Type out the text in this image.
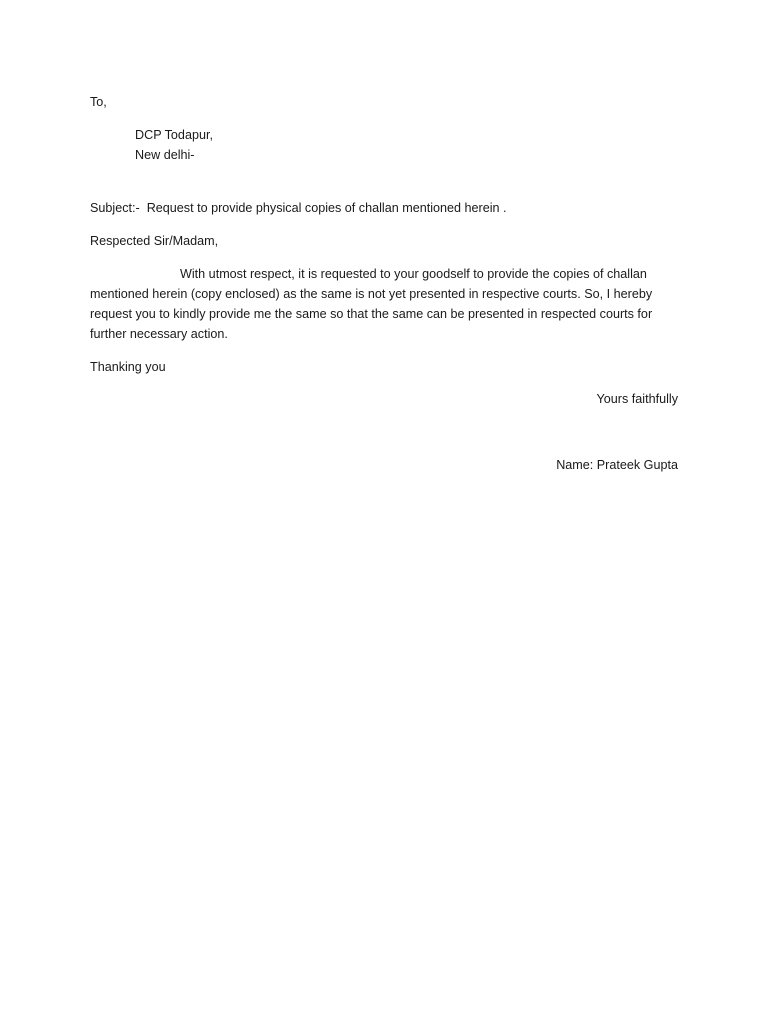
To,
DCP Todapur,
New delhi-
Subject:-  Request to provide physical copies of challan mentioned herein .
Respected Sir/Madam,
With utmost respect, it is requested to your goodself to provide the copies of challan
mentioned herein (copy enclosed) as the same is not yet presented in respective courts. So, I hereby
request you to kindly provide me the same so that the same can be presented in respected courts for
further necessary action.
Thanking you
Yours faithfully
Name: Prateek Gupta
